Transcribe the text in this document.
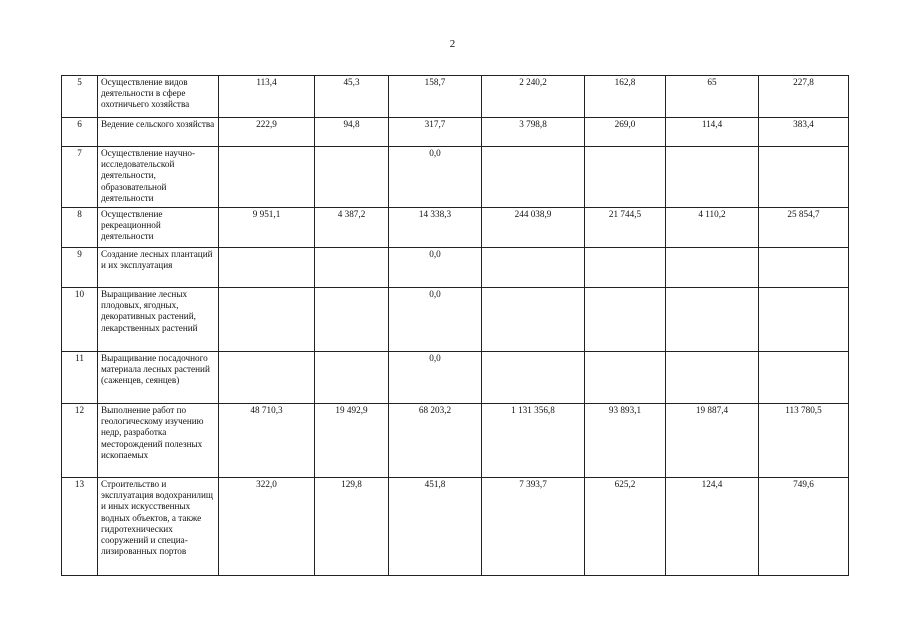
2
5	Осуществление видов деятельности в сфере охотничьего хозяйства	113,4	45,3	158,7	2 240,2	162,8	65	227,8
6	Ведение сельского хозяйства	222,9	94,8	317,7	3 798,8	269,0	114,4	383,4
7	Осуществление научно-исследовательской деятельности, образовательной деятельности			0,0				
8	Осуществление рекреационной деятельности	9 951,1	4 387,2	14 338,3	244 038,9	21 744,5	4 110,2	25 854,7
9	Создание лесных плантаций и их эксплуатация			0,0				
10	Выращивание лесных плодовых, ягодных, декоративных растений, лекарственных растений			0,0				
11	Выращивание посадочного материала лесных растений (саженцев, сеянцев)			0,0				
12	Выполнение работ по геологическому изучению недр, разработка месторождений полезных ископаемых	48 710,3	19 492,9	68 203,2	1 131 356,8	93 893,1	19 887,4	113 780,5
13	Строительство и эксплуатация водохранилищ и иных искусственных водных объектов, а также гидротехнических сооружений и специа-лизированных портов	322,0	129,8	451,8	7 393,7	625,2	124,4	749,6
